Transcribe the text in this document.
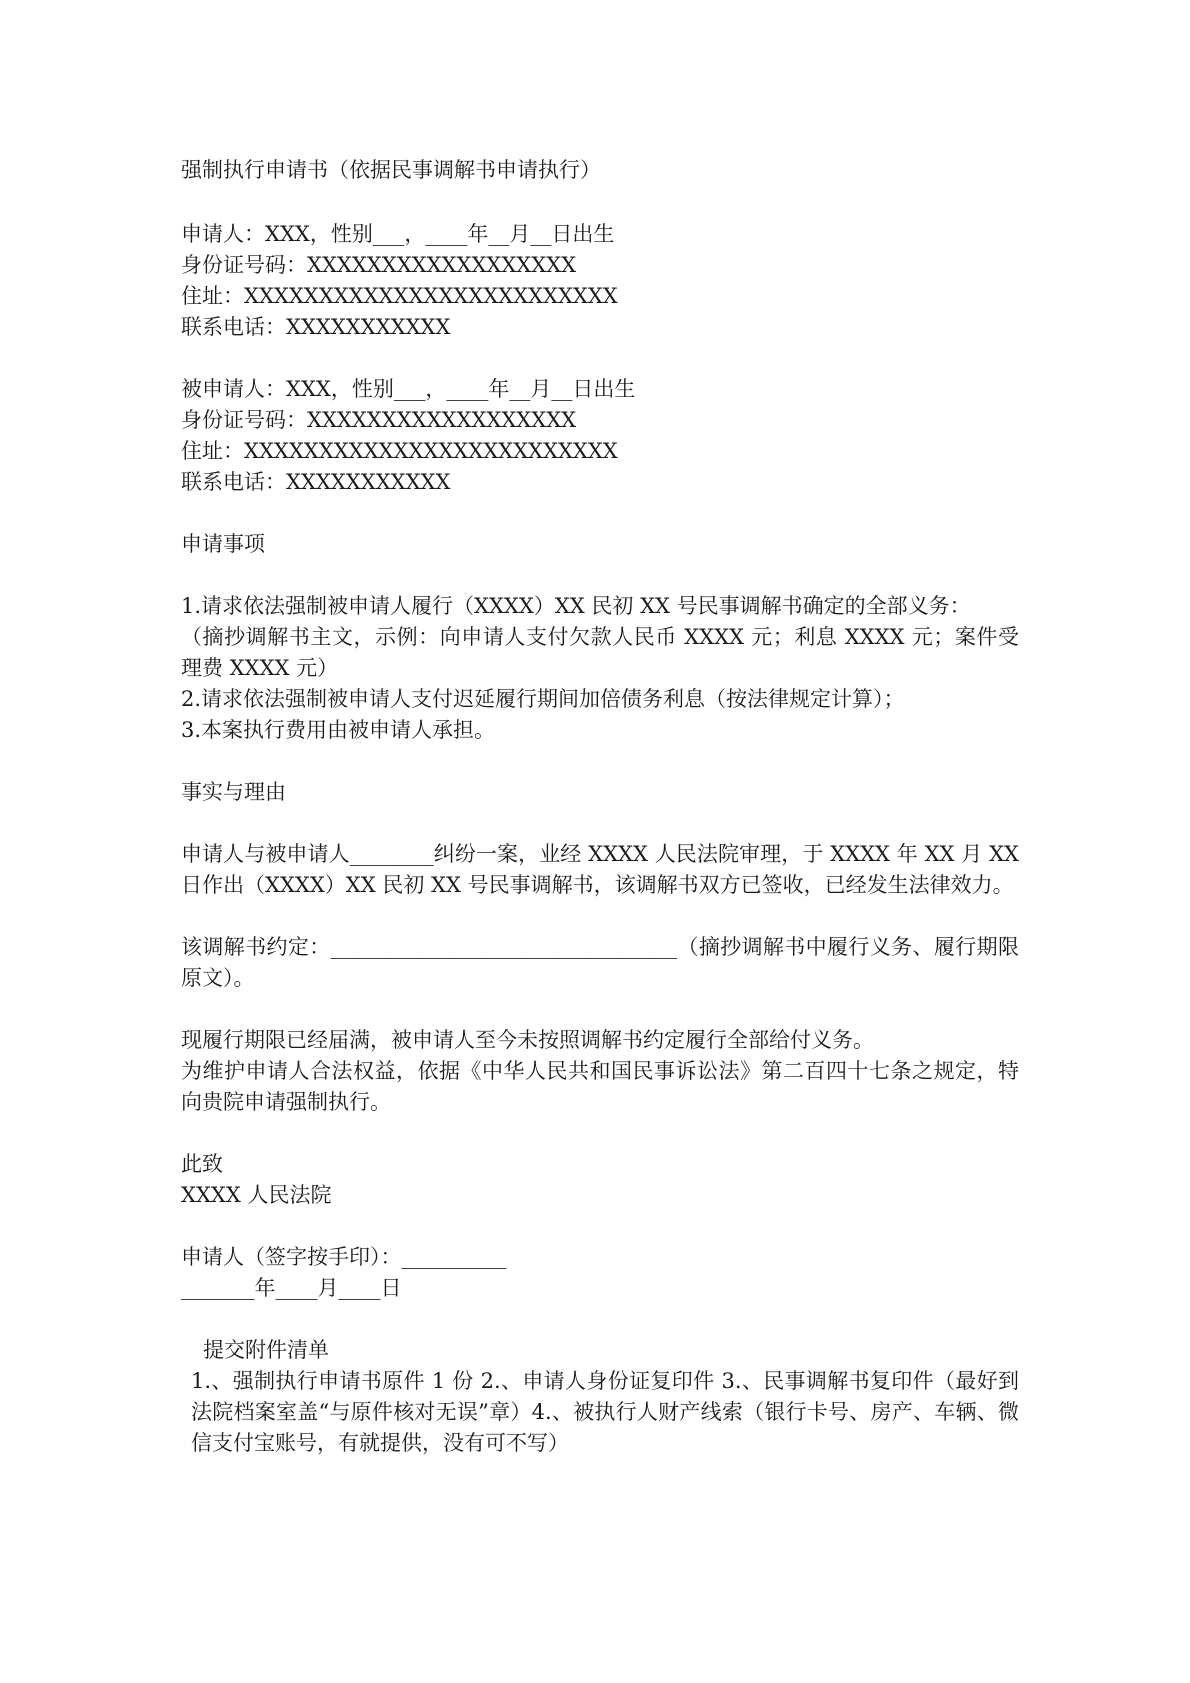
强制执行申请书（依据民事调解书申请执行）
申请人：XXX，性别___，____年__月__日出生
身份证号码：XXXXXXXXXXXXXXXXXX
住址：XXXXXXXXXXXXXXXXXXXXXXXXX
联系电话：XXXXXXXXXXX
被申请人：XXX，性别___，____年__月__日出生
身份证号码：XXXXXXXXXXXXXXXXXX
住址：XXXXXXXXXXXXXXXXXXXXXXXXX
联系电话：XXXXXXXXXXX
申请事项
1.请求依法强制被申请人履行（XXXX）XX 民初 XX 号民事调解书确定的全部义务：
（摘抄调解书主文，示例：向申请人支付欠款人民币 XXXX 元；利息 XXXX 元；案件受理费 XXXX 元）
2.请求依法强制被申请人支付迟延履行期间加倍债务利息（按法律规定计算）；
3.本案执行费用由被申请人承担。
事实与理由
申请人与被申请人________纠纷一案，业经 XXXX 人民法院审理，于 XXXX 年 XX 月 XX 日作出（XXXX）XX 民初 XX 号民事调解书，该调解书双方已签收，已经发生法律效力。
该调解书约定：_________________________________（摘抄调解书中履行义务、履行期限原文）。
现履行期限已经届满，被申请人至今未按照调解书约定履行全部给付义务。
为维护申请人合法权益，依据《中华人民共和国民事诉讼法》第二百四十七条之规定，特向贵院申请强制执行。
此致
XXXX 人民法院
申请人（签字按手印）：__________
_______年____月____日
提交附件清单
1.、强制执行申请书原件 1 份 2.、申请人身份证复印件 3.、民事调解书复印件（最好到法院档案室盖“与原件核对无误”章）4.、被执行人财产线索（银行卡号、房产、车辆、微信支付宝账号，有就提供，没有可不写）
